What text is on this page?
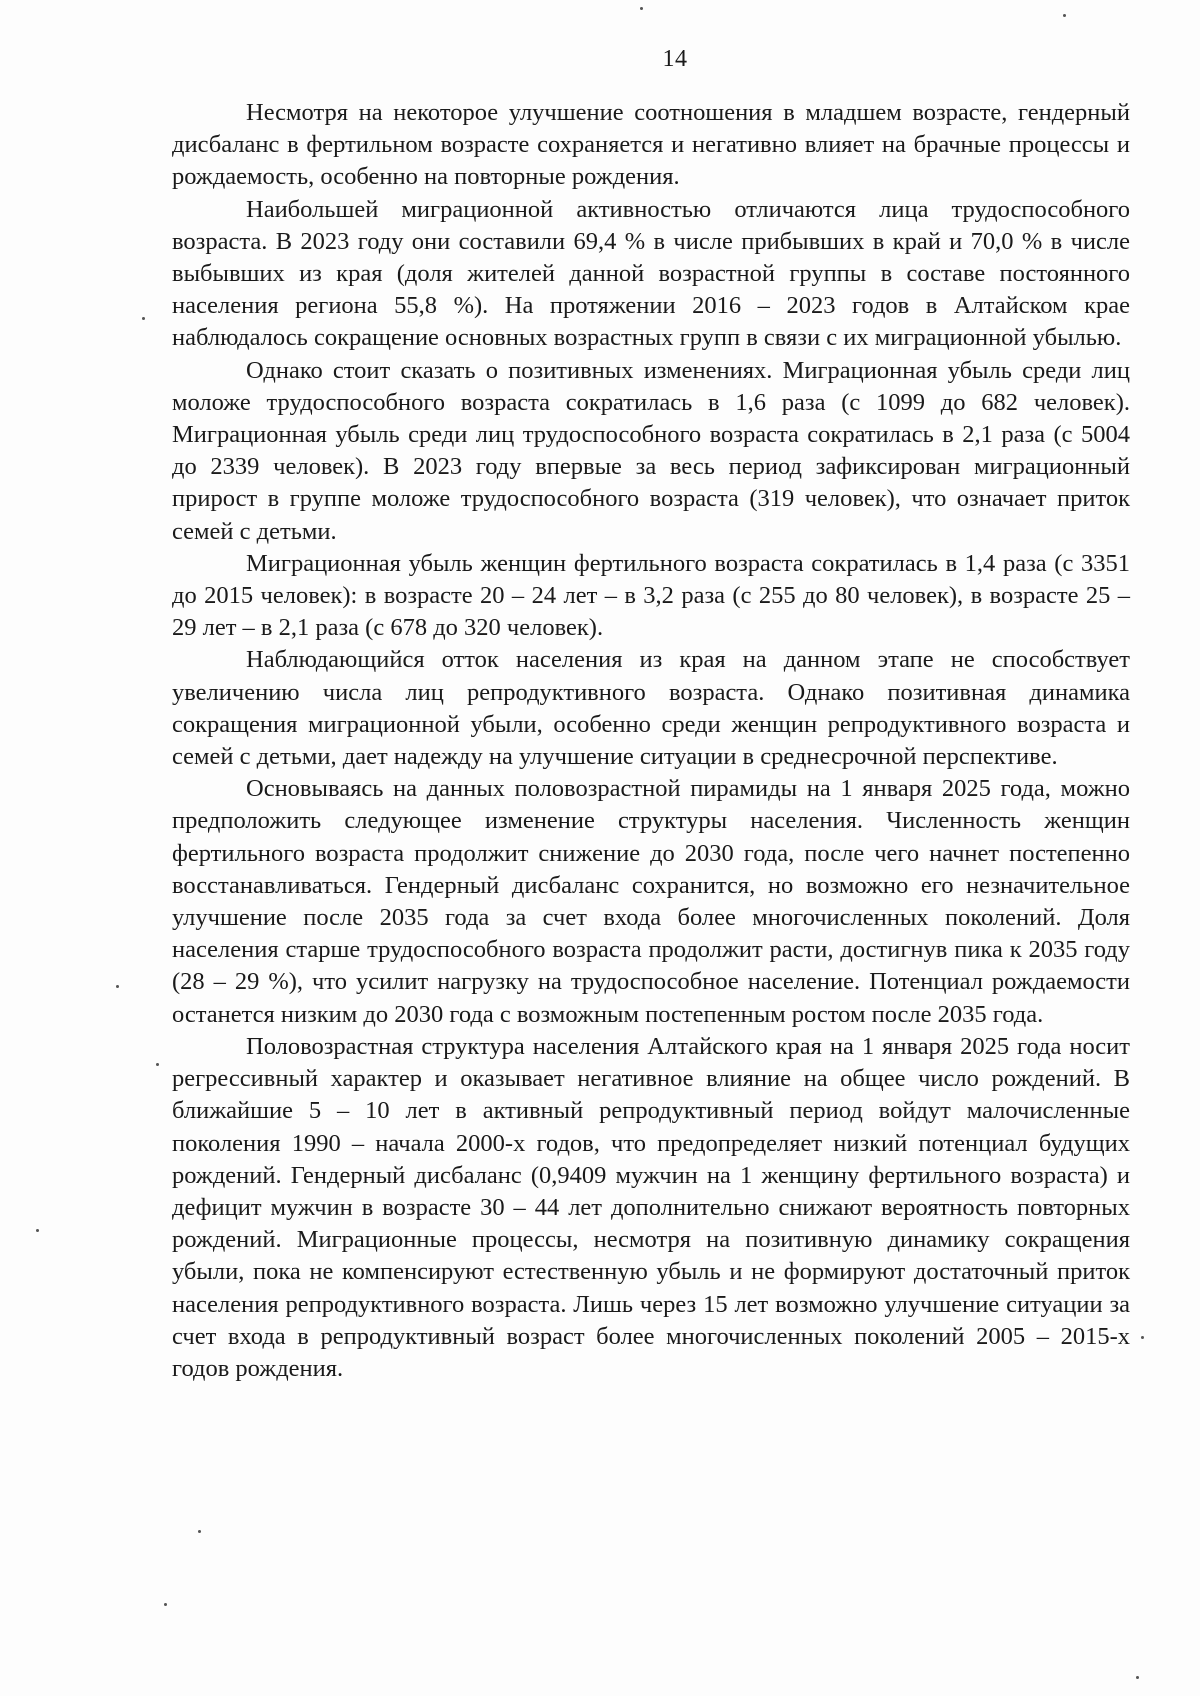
14

Несмотря на некоторое улучшение соотношения в младшем возрасте, гендерный дисбаланс в фертильном возрасте сохраняется и негативно влияет на брачные процессы и рождаемость, особенно на повторные рождения.

Наибольшей миграционной активностью отличаются лица трудоспособного возраста. В 2023 году они составили 69,4 % в числе прибывших в край и 70,0 % в числе выбывших из края (доля жителей данной возрастной группы в составе постоянного населения региона 55,8 %). На протяжении 2016 – 2023 годов в Алтайском крае наблюдалось сокращение основных возрастных групп в связи с их миграционной убылью.

Однако стоит сказать о позитивных изменениях. Миграционная убыль среди лиц моложе трудоспособного возраста сократилась в 1,6 раза (с 1099 до 682 человек). Миграционная убыль среди лиц трудоспособного возраста сократилась в 2,1 раза (с 5004 до 2339 человек). В 2023 году впервые за весь период зафиксирован миграционный прирост в группе моложе трудоспособного возраста (319 человек), что означает приток семей с детьми.

Миграционная убыль женщин фертильного возраста сократилась в 1,4 раза (с 3351 до 2015 человек): в возрасте 20 – 24 лет – в 3,2 раза (с 255 до 80 человек), в возрасте 25 – 29 лет – в 2,1 раза (с 678 до 320 человек).

Наблюдающийся отток населения из края на данном этапе не способствует увеличению числа лиц репродуктивного возраста. Однако позитивная динамика сокращения миграционной убыли, особенно среди женщин репродуктивного возраста и семей с детьми, дает надежду на улучшение ситуации в среднесрочной перспективе.

Основываясь на данных половозрастной пирамиды на 1 января 2025 года, можно предположить следующее изменение структуры населения. Численность женщин фертильного возраста продолжит снижение до 2030 года, после чего начнет постепенно восстанавливаться. Гендерный дисбаланс сохранится, но возможно его незначительное улучшение после 2035 года за счет входа более многочисленных поколений. Доля населения старше трудоспособного возраста продолжит расти, достигнув пика к 2035 году (28 – 29 %), что усилит нагрузку на трудоспособное население. Потенциал рождаемости останется низким до 2030 года с возможным постепенным ростом после 2035 года.

Половозрастная структура населения Алтайского края на 1 января 2025 года носит регрессивный характер и оказывает негативное влияние на общее число рождений. В ближайшие 5 – 10 лет в активный репродуктивный период войдут малочисленные поколения 1990 – начала 2000-х годов, что предопределяет низкий потенциал будущих рождений. Гендерный дисбаланс (0,9409 мужчин на 1 женщину фертильного возраста) и дефицит мужчин в возрасте 30 – 44 лет дополнительно снижают вероятность повторных рождений. Миграционные процессы, несмотря на позитивную динамику сокращения убыли, пока не компенсируют естественную убыль и не формируют достаточный приток населения репродуктивного возраста. Лишь через 15 лет возможно улучшение ситуации за счет входа в репродуктивный возраст более многочисленных поколений 2005 – 2015-х годов рождения.
